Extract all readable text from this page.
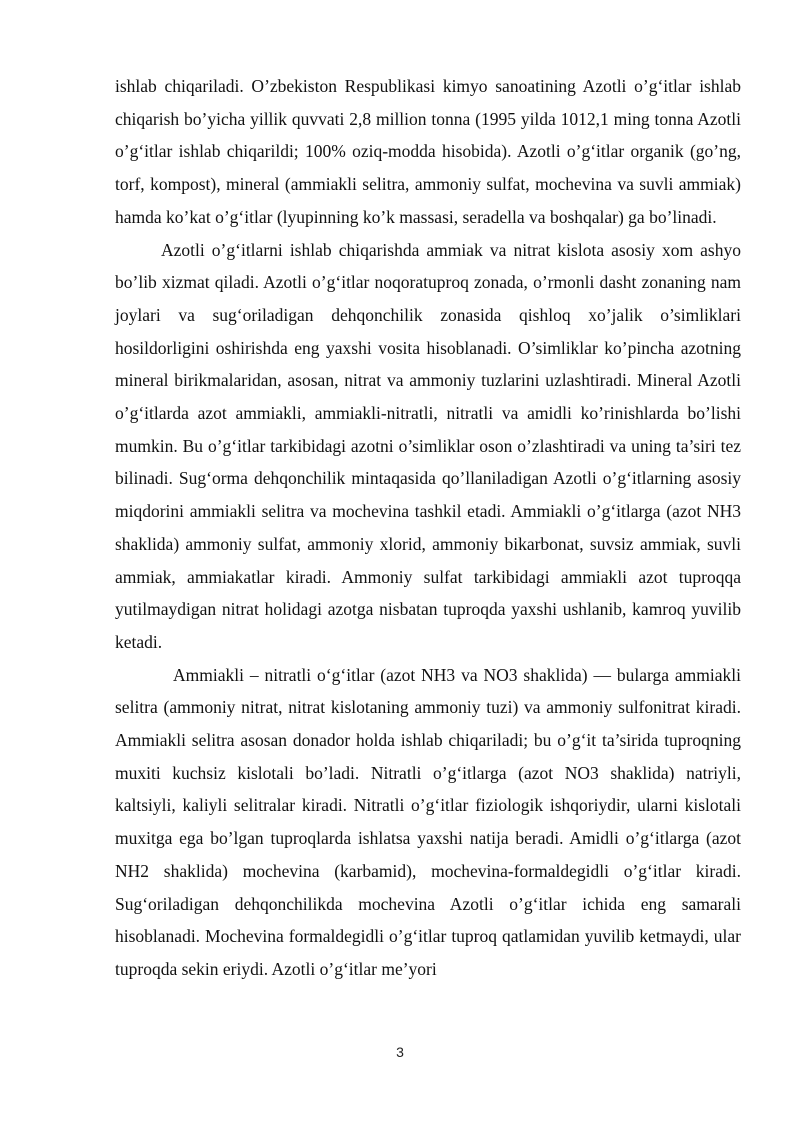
ishlab chiqariladi. O’zbekiston Respublikasi kimyo sanoatining Azotli o’g‘itlar ishlab chiqarish bo’yicha yillik quvvati 2,8 million tonna (1995 yilda 1012,1 ming tonna Azotli o’g‘itlar ishlab chiqarildi; 100% oziq-modda hisobida). Azotli o’g‘itlar organik (go’ng, torf, kompost), mineral (ammiakli selitra, ammoniy sulfat, mochevina va suvli ammiak) hamda ko’kat o’g‘itlar (lyupinning ko’k massasi, seradella va boshqalar) ga bo’linadi.

Azotli o’g‘itlarni ishlab chiqarishda ammiak va nitrat kislota asosiy xom ashyo bo’lib xizmat qiladi. Azotli o’g‘itlar noqoratuproq zonada, o’rmonli dasht zonaning nam joylari va sug‘oriladigan dehqonchilik zonasida qishloq xo’jalik o’simliklari hosildorligini oshirishda eng yaxshi vosita hisoblanadi. O’simliklar ko’pincha azotning mineral birikmalaridan, asosan, nitrat va ammoniy tuzlarini uzlashtiradi. Mineral Azotli o’g‘itlarda azot ammiakli, ammiakli-nitratli, nitratli va amidli ko’rinishlarda bo’lishi mumkin. Bu o’g‘itlar tarkibidagi azotni o’simliklar oson o’zlashtiradi va uning ta’siri tez bilinadi. Sug‘orma dehqonchilik mintaqasida qo’llaniladigan Azotli o’g‘itlarning asosiy miqdorini ammiakli selitra va mochevina tashkil etadi. Ammiakli o’g‘itlarga (azot NH3 shaklida) ammoniy sulfat, ammoniy xlorid, ammoniy bikarbonat, suvsiz ammiak, suvli ammiak, ammiakatlar kiradi. Ammoniy sulfat tarkibidagi ammiakli azot tuproqqa yutilmaydigan nitrat holidagi azotga nisbatan tuproqda yaxshi ushlanib, kamroq yuvilib ketadi.

Ammiakli – nitratli o‘g‘itlar (azot NH3 va NO3 shaklida) — bularga ammiakli selitra (ammoniy nitrat, nitrat kislotaning ammoniy tuzi) va ammoniy sulfonitrat kiradi. Ammiakli selitra asosan donador holda ishlab chiqariladi; bu o’g‘it ta’sirida tuproqning muxiti kuchsiz kislotali bo’ladi. Nitratli o’g‘itlarga (azot NO3 shaklida) natriyli, kaltsiyli, kaliyli selitralar kiradi. Nitratli o’g‘itlar fiziologik ishqoriydir, ularni kislotali muxitga ega bo’lgan tuproqlarda ishlatsa yaxshi natija beradi. Amidli o’g‘itlarga (azot NH2 shaklida) mochevina (karbamid), mochevina-formaldegidli o’g‘itlar kiradi. Sug‘oriladigan dehqonchilikda mochevina Azotli o’g‘itlar ichida eng samarali hisoblanadi. Mochevina formaldegidli o’g‘itlar tuproq qatlamidan yuvilib ketmaydi, ular tuproqda sekin eriydi. Azotli o’g‘itlar me’yori

3
